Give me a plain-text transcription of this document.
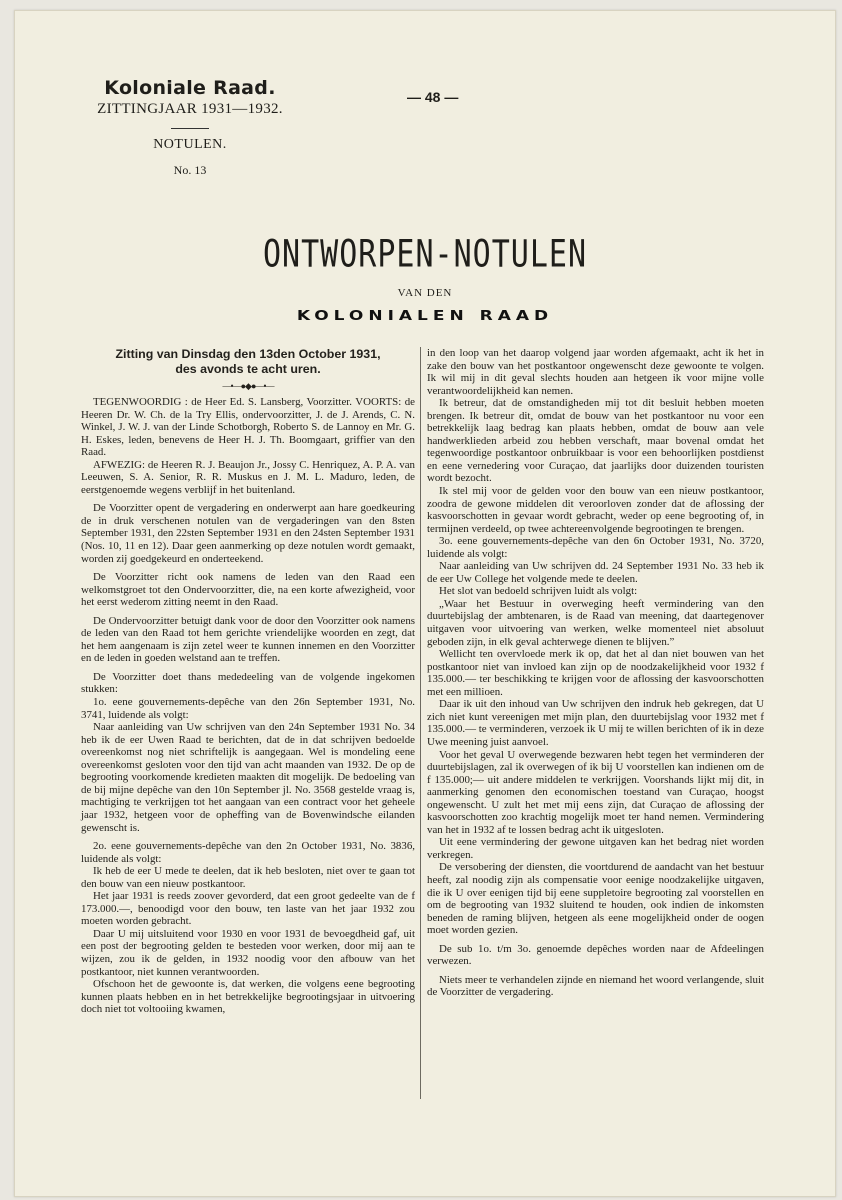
Koloniale Raad.
ZITTINGJAAR 1931—1932.
NOTULEN.
No. 13
— 48 —
ONTWORPEN-NOTULEN
VAN DEN
KOLONIALEN RAAD
Zitting van Dinsdag den 13den October 1931,
des avonds te acht uren.
—•—●◆●—•—

TEGENWOORDIG : de Heer Ed. S. Lansberg, Voorzitter. VOORTS: de Heeren Dr. W. Ch. de la Try Ellis, ondervoorzitter, J. de J. Arends, C. N. Winkel, J. W. J. van der Linde Schotborgh, Roberto S. de Lannoy en Mr. G. H. Eskes, leden, benevens de Heer H. J. Th. Boomgaart, griffier van den Raad.

AFWEZIG: de Heeren R. J. Beaujon Jr., Jossy C. Henriquez, A. P. A. van Leeuwen, S. A. Senior, R. R. Muskus en J. M. L. Maduro, leden, de eerstgenoemde wegens verblijf in het buitenland.

De Voorzitter opent de vergadering en onderwerpt aan hare goedkeuring de in druk verschenen notulen van de vergaderingen van den 8sten September 1931, den 22sten September 1931 en den 24sten September 1931 (Nos. 10, 11 en 12). Daar geen aanmerking op deze notulen wordt gemaakt, worden zij goedgekeurd en onderteekend.

De Voorzitter richt ook namens de leden van den Raad een welkomstgroet tot den Ondervoorzitter, die, na een korte afwezigheid, voor het eerst wederom zitting neemt in den Raad.

De Ondervoorzitter betuigt dank voor de door den Voorzitter ook namens de leden van den Raad tot hem gerichte vriendelijke woorden en zegt, dat het hem aangenaam is zijn zetel weer te kunnen innemen en den Voorzitter en de leden in goeden welstand aan te treffen.

De Voorzitter doet thans mededeeling van de volgende ingekomen stukken:

1o. eene gouvernements-depêche van den 26n September 1931, No. 3741, luidende als volgt:

Naar aanleiding van Uw schrijven van den 24n September 1931 No. 34 heb ik de eer Uwen Raad te berichten, dat de in dat schrijven bedoelde overeenkomst nog niet schriftelijk is aangegaan. Wel is mondeling eene overeenkomst gesloten voor den tijd van acht maanden van 1932. De op de begrooting voorkomende kredieten maakten dit mogelijk. De bedoeling van de bij mijne depêche van den 10n September jl. No. 3568 gestelde vraag is, machtiging te verkrijgen tot het aangaan van een contract voor het geheele jaar 1932, hetgeen voor de opheffing van de Bovenwindsche eilanden gewenscht is.

2o. eene gouvernements-depêche van den 2n October 1931, No. 3836, luidende als volgt:

Ik heb de eer U mede te deelen, dat ik heb besloten, niet over te gaan tot den bouw van een nieuw postkantoor.

Het jaar 1931 is reeds zoover gevorderd, dat een groot gedeelte van de f 173.000.—, benoodigd voor den bouw, ten laste van het jaar 1932 zou moeten worden gebracht.

Daar U mij uitsluitend voor 1930 en voor 1931 de bevoegdheid gaf, uit een post der begrooting gelden te besteden voor werken, door mij aan te wijzen, zou ik de gelden, in 1932 noodig voor den afbouw van het postkantoor, niet kunnen verantwoorden.

Ofschoon het de gewoonte is, dat werken, die volgens eene begrooting kunnen plaats hebben en in het betrekkelijke begrootingsjaar in uitvoering doch niet tot voltooiing kwamen,

in den loop van het daarop volgend jaar worden afgemaakt, acht ik het in zake den bouw van het postkantoor ongewenscht deze gewoonte te volgen. Ik wil mij in dit geval slechts houden aan hetgeen ik voor mijne volle verantwoordelijkheid kan nemen.

Ik betreur, dat de omstandigheden mij tot dit besluit hebben moeten brengen. Ik betreur dit, omdat de bouw van het postkantoor nu voor een betrekkelijk laag bedrag kan plaats hebben, omdat de bouw aan vele handwerklieden arbeid zou hebben verschaft, maar bovenal omdat het tegenwoordige postkantoor onbruikbaar is voor een behoorlijken postdienst en eene vernedering voor Curaçao, dat jaarlijks door duizenden touristen wordt bezocht.

Ik stel mij voor de gelden voor den bouw van een nieuw postkantoor, zoodra de gewone middelen dit veroorloven zonder dat de aflossing der kasvoorschotten in gevaar wordt gebracht, weder op eene begrooting of, in termijnen verdeeld, op twee achtereenvolgende begrootingen te brengen.

3o. eene gouvernements-depêche van den 6n October 1931, No. 3720, luidende als volgt:

Naar aanleiding van Uw schrijven dd. 24 September 1931 No. 33 heb ik de eer Uw College het volgende mede te deelen.

Het slot van bedoeld schrijven luidt als volgt:

„Waar het Bestuur in overweging heeft vermindering van den duurtebijslag der ambtenaren, is de Raad van meening, dat daartegenover uitgaven voor uitvoering van werken, welke momenteel niet absoluut geboden zijn, in elk geval achterwege dienen te blijven.”

Wellicht ten overvloede merk ik op, dat het al dan niet bouwen van het postkantoor niet van invloed kan zijn op de noodzakelijkheid voor 1932 f 135.000.— ter beschikking te krijgen voor de aflossing der kasvoorschotten met een millioen.

Daar ik uit den inhoud van Uw schrijven den indruk heb gekregen, dat U zich niet kunt vereenigen met mijn plan, den duurtebijslag voor 1932 met f 135.000.— te verminderen, verzoek ik U mij te willen berichten of ik in deze Uwe meening juist aanvoel.

Voor het geval U overwegende bezwaren hebt tegen het verminderen der duurtebijslagen, zal ik overwegen of ik bij U voorstellen kan indienen om de f 135.000;— uit andere middelen te verkrijgen. Voorshands lijkt mij dit, in aanmerking genomen den economischen toestand van Curaçao, hoogst ongewenscht. U zult het met mij eens zijn, dat Curaçao de aflossing der kasvoorschotten zoo krachtig mogelijk moet ter hand nemen. Vermindering van het in 1932 af te lossen bedrag acht ik uitgesloten.

Uit eene vermindering der gewone uitgaven kan het bedrag niet worden verkregen.

De versobering der diensten, die voortdurend de aandacht van het bestuur heeft, zal noodig zijn als compensatie voor eenige noodzakelijke uitgaven, die ik U over eenigen tijd bij eene suppletoire begrooting zal voorstellen en om de begrooting van 1932 sluitend te houden, ook indien de inkomsten beneden de raming blijven, hetgeen als eene mogelijkheid onder de oogen moet worden gezien.

De sub 1o. t/m 3o. genoemde depêches worden naar de Afdeelingen verwezen.

Niets meer te verhandelen zijnde en niemand het woord verlangende, sluit de Voorzitter de vergadering.
